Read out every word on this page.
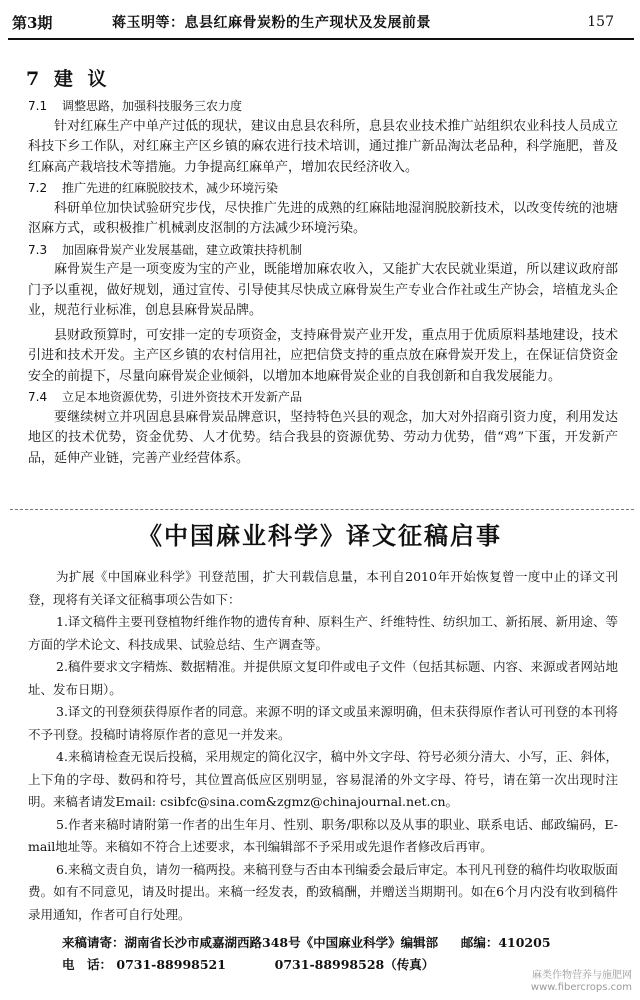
第3期	蒋玉明等：息县红麻骨炭粉的生产现状及发展前景	157
7 建 议

7.1 调整思路，加强科技服务三农力度

针对红麻生产中单产过低的现状，建议由息县农科所，息县农业技术推广站组织农业科技人员成立科技下乡工作队，对红麻主产区乡镇的麻农进行技术培训，通过推广新品淘汰老品种，科学施肥，普及红麻高产栽培技术等措施。力争提高红麻单产，增加农民经济收入。

7.2 推广先进的红麻脱胶技术，减少环境污染

科研单位加快试验研究步伐，尽快推广先进的成熟的红麻陆地湿润脱胶新技术，以改变传统的池塘沤麻方式，或积极推广机械剥皮沤制的方法减少环境污染。

7.3 加固麻骨炭产业发展基础，建立政策扶持机制

麻骨炭生产是一项变废为宝的产业，既能增加麻农收入，又能扩大农民就业渠道，所以建议政府部门予以重视，做好规划，通过宣传、引导使其尽快成立麻骨炭生产专业合作社或生产协会，培植龙头企业，规范行业标准，创息县麻骨炭品牌。

县财政预算时，可安排一定的专项资金，支持麻骨炭产业开发，重点用于优质原料基地建设，技术引进和技术开发。主产区乡镇的农村信用社，应把信贷支持的重点放在麻骨炭开发上，在保证信贷资金安全的前提下，尽量向麻骨炭企业倾斜，以增加本地麻骨炭企业的自我创新和自我发展能力。

7.4 立足本地资源优势，引进外资技术开发新产品

要继续树立并巩固息县麻骨炭品牌意识，坚持特色兴县的观念，加大对外招商引资力度，利用发达地区的技术优势，资金优势、人才优势。结合我县的资源优势、劳动力优势，借“鸡”下蛋，开发新产品，延伸产业链，完善产业经营体系。

《中国麻业科学》译文征稿启事

为扩展《中国麻业科学》刊登范围，扩大刊载信息量，本刊自2010年开始恢复曾一度中止的译文刊登，现将有关译文征稿事项公告如下：

1.译文稿件主要刊登植物纤维作物的遗传育种、原料生产、纤维特性、纺织加工、新拓展、新用途、等方面的学术论文、科技成果、试验总结、生产调查等。

2.稿件要求文字精炼、数据精准。并提供原文复印件或电子文件（包括其标题、内容、来源或者网站地址、发布日期）。

3.译文的刊登须获得原作者的同意。来源不明的译文或虽来源明确，但未获得原作者认可刊登的本刊将不予刊登。投稿时请将原作者的意见一并发来。

4.来稿请检查无误后投稿，采用规定的简化汉字，稿中外文字母、符号必须分清大、小写，正、斜体，上下角的字母、数码和符号，其位置高低应区别明显，容易混淆的外文字母、符号，请在第一次出现时注明。来稿者请发Email: csibfc@sina.com&zgmz@chinajournal.net.cn。

5.作者来稿时请附第一作者的出生年月、性别、职务/职称以及从事的职业、联系电话、邮政编码，E-mail地址等。来稿如不符合上述要求，本刊编辑部不予采用或先退作者修改后再审。

6.来稿文责自负，请勿一稿两投。来稿刊登与否由本刊编委会最后审定。本刊凡刊登的稿件均收取版面费。如有不同意见，请及时提出。来稿一经发表，酌致稿酬，并赠送当期期刊。如在6个月内没有收到稿件录用通知，作者可自行处理。

来稿请寄：湖南省长沙市咸嘉湖西路348号《中国麻业科学》编辑部 邮编：410205
电　话： 0731-88998521	0731-88998528（传真）
麻类作物营养与施肥网
www.fibercrops.com
